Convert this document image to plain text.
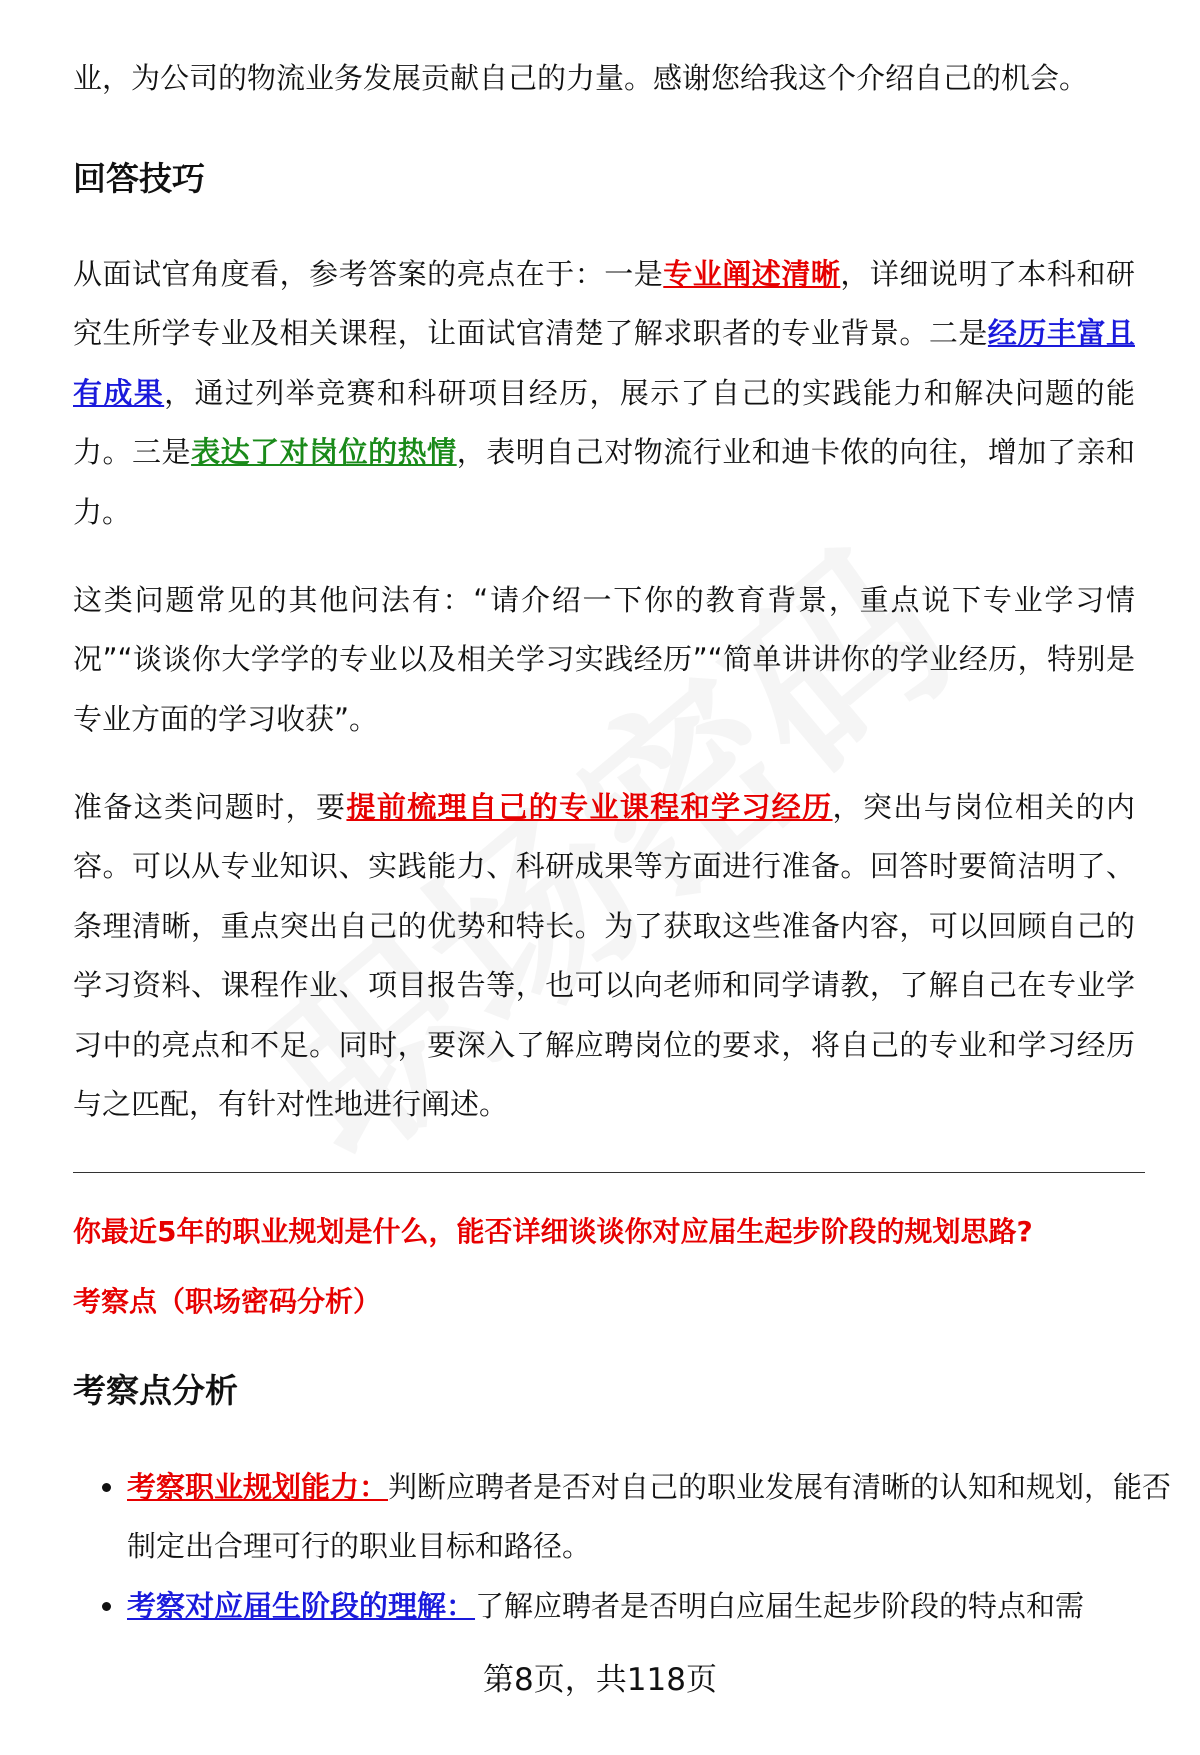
业，为公司的物流业务发展贡献自己的力量。感谢您给我这个介绍自己的机会。
回答技巧
从面试官角度看，参考答案的亮点在于：一是专业阐述清晰，详细说明了本科和研究生所学专业及相关课程，让面试官清楚了解求职者的专业背景。二是经历丰富且有成果，通过列举竞赛和科研项目经历，展示了自己的实践能力和解决问题的能力。三是表达了对岗位的热情，表明自己对物流行业和迪卡侬的向往，增加了亲和力。
这类问题常见的其他问法有：“请介绍一下你的教育背景，重点说下专业学习情况”“谈谈你大学学的专业以及相关学习实践经历”“简单讲讲你的学业经历，特别是专业方面的学习收获”。
准备这类问题时，要提前梳理自己的专业课程和学习经历，突出与岗位相关的内容。可以从专业知识、实践能力、科研成果等方面进行准备。回答时要简洁明了、条理清晰，重点突出自己的优势和特长。为了获取这些准备内容，可以回顾自己的学习资料、课程作业、项目报告等，也可以向老师和同学请教，了解自己在专业学习中的亮点和不足。同时，要深入了解应聘岗位的要求，将自己的专业和学习经历与之匹配，有针对性地进行阐述。
你最近5年的职业规划是什么，能否详细谈谈你对应届生起步阶段的规划思路?
考察点（职场密码分析）
考察点分析
• 考察职业规划能力：判断应聘者是否对自己的职业发展有清晰的认知和规划，能否制定出合理可行的职业目标和路径。
• 考察对应届生阶段的理解：了解应聘者是否明白应届生起步阶段的特点和需
第8页，共118页
